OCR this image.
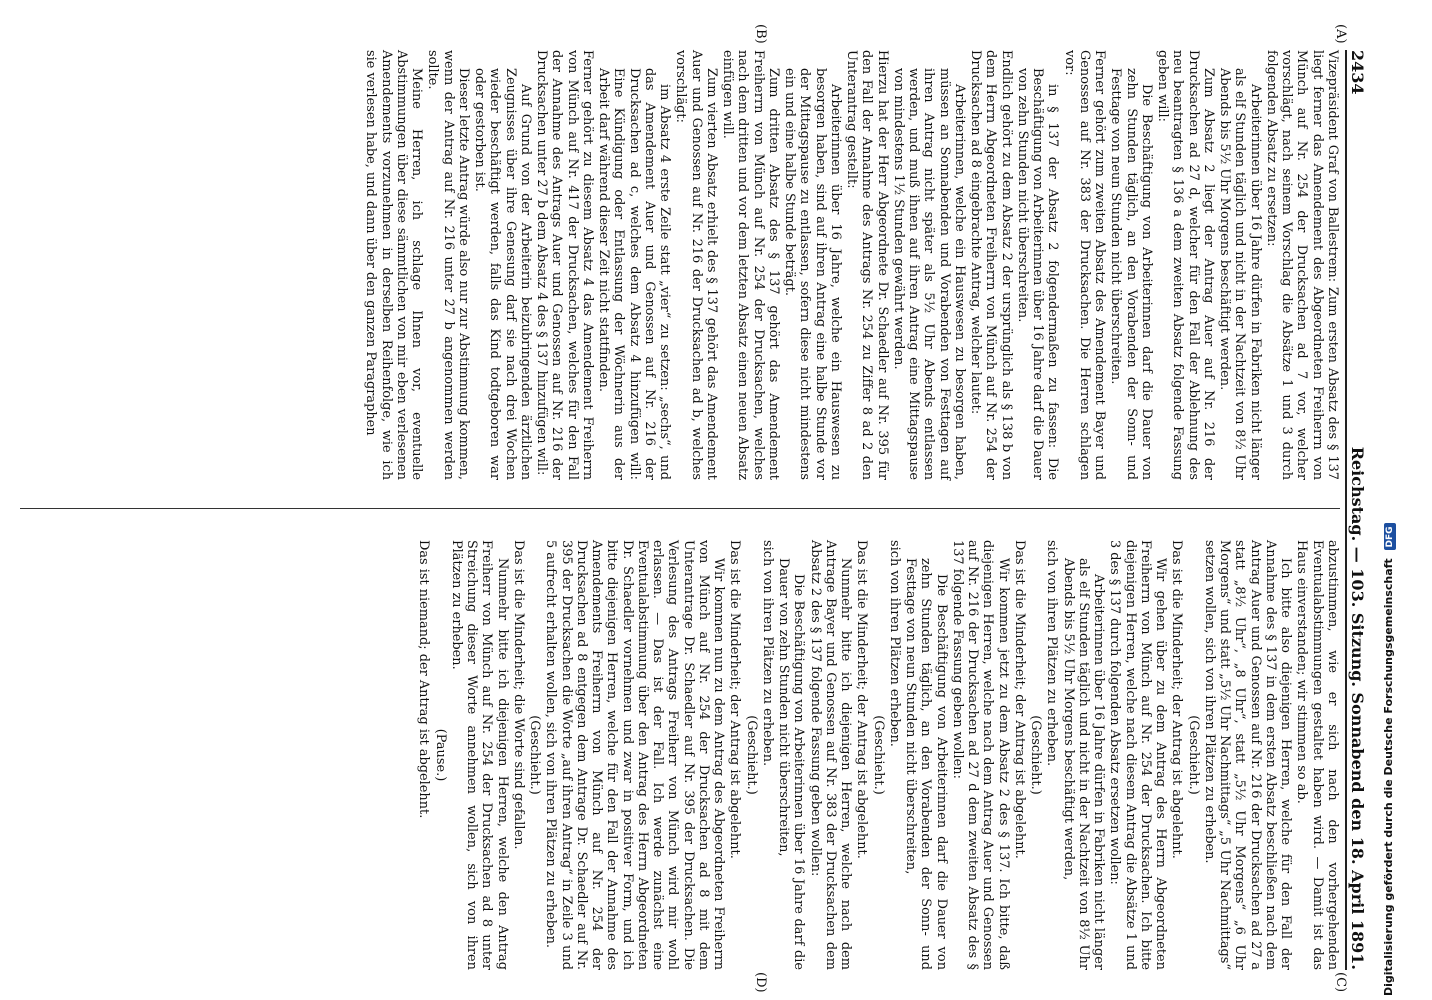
2434
Reichstag. — 103. Sitzung. Sonnabend den 18. April 1891.
(A)
(B)
(C)
(D)

Vizepräsident Graf von Ballestrem: Zum ersten Absatz des § 137 liegt ferner das Amendement des Abgeordneten Freiherrn von Münch auf Nr. 254 der Drucksachen ad 7 vor, welcher vorschlägt, nach seinem Vorschlag die Absätze 1 und 3 durch folgenden Absatz zu ersetzen:

Arbeiterinnen über 16 Jahre dürfen in Fabriken nicht länger als elf Stunden täglich und nicht in der Nachtzeit von 8½ Uhr Abends bis 5½ Uhr Morgens beschäftigt werden.

Zum Absatz 2 liegt der Antrag Auer auf Nr. 216 der Drucksachen ad 27 d, welcher für den Fall der Ablehnung des neu beantragten § 136 a dem zweiten Absatz folgende Fassung geben will:

Die Beschäftigung von Arbeiterinnen darf die Dauer von zehn Stunden täglich, an den Vorabenden der Sonn- und Festtage von neun Stunden nicht überschreiten.

Ferner gehört zum zweiten Absatz des Amendement Bayer und Genossen auf Nr. 383 der Drucksachen. Die Herren schlagen vor:

in § 137 der Absatz 2 folgendermaßen zu fassen: Die Beschäftigung von Arbeiterinnen über 16 Jahre darf die Dauer von zehn Stunden nicht überschreiten.

Endlich gehört zu dem Absatz 2 der ursprünglich als § 138 b von dem Herrn Abgeordneten Freiherrn von Münch auf Nr. 254 der Drucksachen ad 8 eingebrachte Antrag, welcher lautet:

Arbeiterinnen, welche ein Hauswesen zu besorgen haben, müssen an Sonnabenden und Vorabenden von Festtagen auf ihren Antrag nicht später als 5½ Uhr Abends entlassen werden, und muß ihnen auf ihren Antrag eine Mittagspause von mindestens 1½ Stunden gewährt werden.

Hierzu hat der Herr Abgeordnete Dr. Schaedler auf Nr. 395 für den Fall der Annahme des Antrags Nr. 254 zu Ziffer 8 ad 2 den Unterantrag gestellt:

Arbeiterinnen über 16 Jahre, welche ein Hauswesen zu besorgen haben, sind auf ihren Antrag eine halbe Stunde vor der Mittagspause zu entlassen, sofern diese nicht mindestens ein und eine halbe Stunde beträgt.

Zum dritten Absatz des § 137 gehört das Amendement Freiherrn von Münch auf Nr. 254 der Drucksachen, welches nach dem dritten und vor dem letzten Absatz einen neuen Absatz einfügen will.

Zum vierten Absatz erhielt des § 137 gehört das Amendement Auer und Genossen auf Nr. 216 der Drucksachen ad b, welches vorschlägt:

im Absatz 4 erste Zeile statt „vier“ zu setzen: „sechs“, und das Amendement Auer und Genossen auf Nr. 216 der Drucksachen ad c, welches dem Absatz 4 hinzufügen will: Eine Kündigung oder Entlassung der Wöchnerin aus der Arbeit darf während dieser Zeit nicht stattfinden.

Ferner gehört zu diesem Absatz 4 das Amendement Freiherrn von Münch auf Nr. 417 der Drucksachen, welches für den Fall der Annahme des Antrags Auer und Genossen auf Nr. 216 der Drucksachen unter 27 b dem Absatz 4 des § 137 hinzufügen will:

Auf Grund von der Arbeiterin beizubringenden ärztlichen Zeugnisses über ihre Genesung darf sie nach drei Wochen wieder beschäftigt werden, falls das Kind todtgeboren war oder gestorben ist.

Dieser letzte Antrag würde also nur zur Abstimmung kommen, wenn der Antrag auf Nr. 216 unter 27 b angenommen werden sollte.

Meine Herren, ich schlage Ihnen vor, eventuelle Abstimmungen über diese sämmtlichen von mir eben verlesenen Amendements vorzunehmen in derselben Reihenfolge, wie ich sie verlesen habe, und dann über den ganzen Paragraphen

abzustimmen, wie er sich nach den vorhergehenden Eventualabstimmungen gestaltet haben wird. — Damit ist das Haus einverstanden; wir stimmen so ab.

Ich bitte also diejenigen Herren, welche für den Fall der Annahme des § 137 in dem ersten Absatz beschließen nach dem Antrag Auer und Genossen auf Nr. 216 der Drucksachen ad 27 a statt „8½ Uhr“, „8 Uhr“, statt „5½ Uhr Morgens“ „6 Uhr Morgens“ und statt „5½ Uhr Nachmittags“ „5 Uhr Nachmittags“ setzen wollen, sich von ihren Plätzen zu erheben.

(Geschieht.)

Das ist die Minderheit; der Antrag ist abgelehnt.

Wir gehen über zu dem Antrag des Herrn Abgeordneten Freiherrn von Münch auf Nr. 254 der Drucksachen. Ich bitte diejenigen Herren, welche nach diesem Antrag die Absätze 1 und 3 des § 137 durch folgenden Absatz ersetzen wollen:

Arbeiterinnen über 16 Jahre dürfen in Fabriken nicht länger als elf Stunden täglich und nicht in der Nachtzeit von 8½ Uhr Abends bis 5½ Uhr Morgens beschäftigt werden,

sich von ihren Plätzen zu erheben.

(Geschieht.)

Das ist die Minderheit; der Antrag ist abgelehnt.

Wir kommen jetzt zu dem Absatz 2 des § 137. Ich bitte, daß diejenigen Herren, welche nach dem Antrag Auer und Genossen auf Nr. 216 der Drucksachen ad 27 d dem zweiten Absatz des § 137 folgende Fassung geben wollen:

Die Beschäftigung von Arbeiterinnen darf die Dauer von zehn Stunden täglich, an den Vorabenden der Sonn- und Festtage von neun Stunden nicht überschreiten,

sich von ihren Plätzen erheben.

(Geschieht.)

Das ist die Minderheit; der Antrag ist abgelehnt.

Nunmehr bitte ich diejenigen Herren, welche nach dem Antrage Bayer und Genossen auf Nr. 383 der Drucksachen dem Absatz 2 des § 137 folgende Fassung geben wollen:

Die Beschäftigung von Arbeiterinnen über 16 Jahre darf die Dauer von zehn Stunden nicht überschreiten,

sich von ihren Plätzen zu erheben.

(Geschieht.)

Das ist die Minderheit; der Antrag ist abgelehnt.

Wir kommen nun zu dem Antrag des Abgeordneten Freiherrn von Münch auf Nr. 254 der Drucksachen ad 8 mit dem Unterantrage Dr. Schaedler auf Nr. 395 der Drucksachen. Die Verlesung des Antrags Freiherr von Münch wird mir wohl erlassen. — Das ist der Fall. Ich werde zunächst eine Eventualabstimmung über den Antrag des Herrn Abgeordneten Dr. Schaedler vornehmen und zwar in positiver Form, und ich bitte diejenigen Herren, welche für den Fall der Annahme des Amendements Freiherrn von Münch auf Nr. 254 der Drucksachen ad 8 entgegen dem Antrage Dr. Schaedler auf Nr. 395 der Drucksachen die Worte „auf ihren Antrag“ in Zeile 3 und 5 aufrecht erhalten wollen, sich von ihren Plätzen zu erheben.

(Geschieht.)

Das ist die Minderheit; die Worte sind gefallen.

Nunmehr bitte ich diejenigen Herren, welche den Antrag Freiherr von Münch auf Nr. 254 der Drucksachen ad 8 unter Streichung dieser Worte annehmen wollen, sich von ihren Plätzen zu erheben.

(Pause.)

Das ist niemand; der Antrag ist abgelehnt.	Digitalisierung gefördert durch die Deutsche Forschungsgemeinschaft DFG
